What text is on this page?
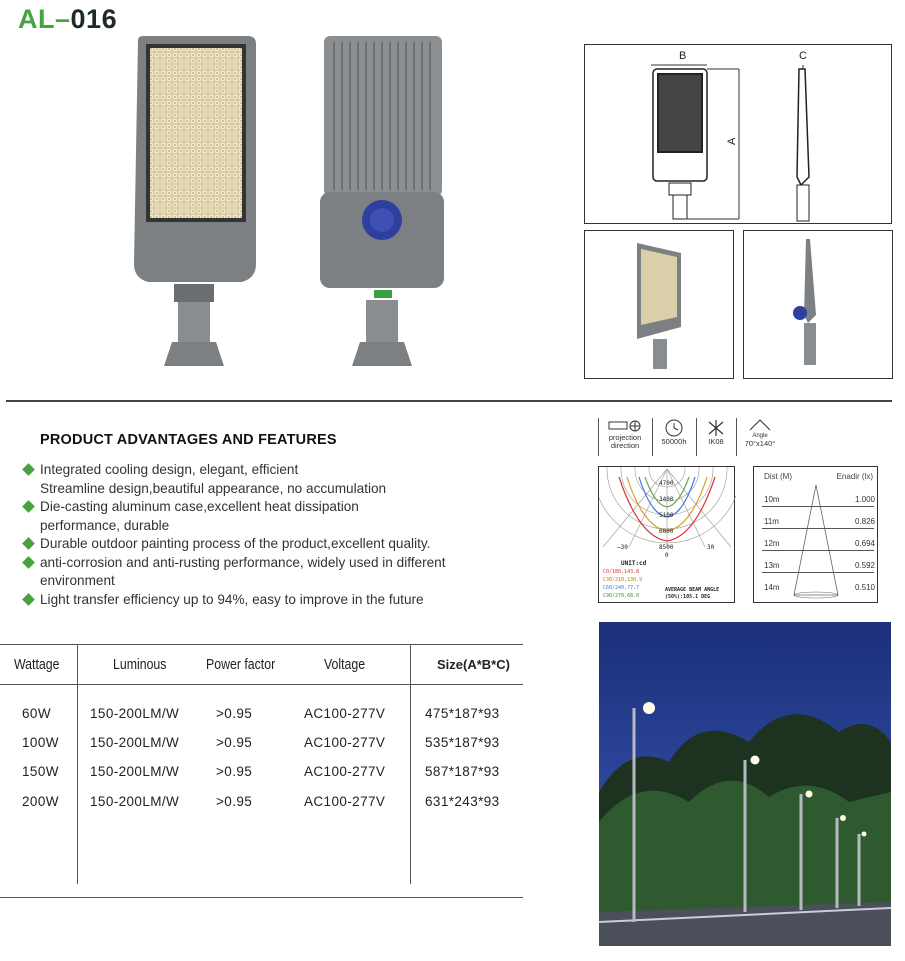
AL–016
B	C
A
PRODUCT ADVANTAGES AND FEATURES
Integrated cooling design, elegant, efficient
Streamline design,beautiful appearance, no accumulation
Die-casting aluminum case,excellent heat dissipation
performance, durable
Durable outdoor painting process of the product,excellent quality.
anti-corrosion and anti-rusting performance, widely used in different
environment
Light transfer efficiency up to 94%, easy to improve in the future
projection
direction	50000h	IK08
Angle
70°x140°
4700
3400
5100
6800
8500
0
−30	30
UNIT:cd
C0/180,143.8
C30/210,130.9
C60/240,77.7
C90/270,68.0
AVERAGE BEAM ANGLE
(50%):105.1 DEG
Dist (M)	Enadir (lx)
10m	1.000
11m	0.826
12m	0.694
13m	0.592
14m	0.510
Wattage	Luminous	Power factor	Voltage	Size(A*B*C)
60W	150-200LM/W	>0.95	AC100-277V	475*187*93
100W 150-200LM/W	>0.95	AC100-277V	535*187*93
150W 150-200LM/W	>0.95	AC100-277V	587*187*93
200W 150-200LM/W	>0.95	AC100-277V	631*243*93
